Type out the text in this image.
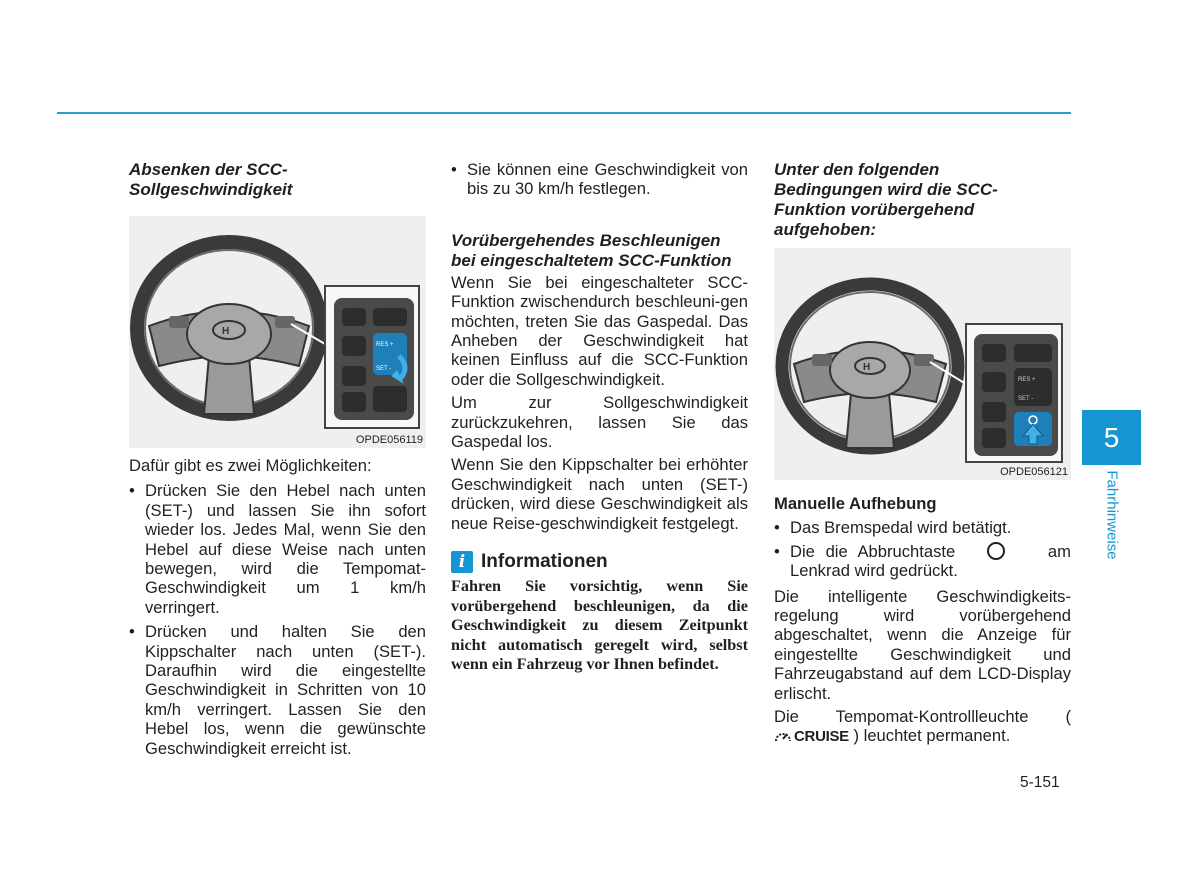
Absenken der SCC-Sollgeschwindigkeit

H
RES +
SET -
OPDE056119

Dafür gibt es zwei Möglichkeiten:

• Drücken Sie den Hebel nach unten (SET-) und lassen Sie ihn sofort wieder los. Jedes Mal, wenn Sie den Hebel auf diese Weise nach unten bewegen, wird die Tempomat-Geschwindigkeit um 1 km/h verringert.
• Drücken und halten Sie den Kippschalter nach unten (SET-). Daraufhin wird die eingestellte Geschwindigkeit in Schritten von 10 km/h verringert. Lassen Sie den Hebel los, wenn die gewünschte Geschwindigkeit erreicht ist.
• Sie können eine Geschwindigkeit von bis zu 30 km/h festlegen.

Vorübergehendes Beschleunigen bei eingeschaltetem SCC-Funktion

Wenn Sie bei eingeschalteter SCC-Funktion zwischendurch beschleuni-gen möchten, treten Sie das Gaspedal. Das Anheben der Geschwindigkeit hat keinen Einfluss auf die SCC-Funktion oder die Sollgeschwindigkeit.

Um zur Sollgeschwindigkeit zurückzukehren, lassen Sie das Gaspedal los.

Wenn Sie den Kippschalter bei erhöhter Geschwindigkeit nach unten (SET-) drücken, wird diese Geschwindigkeit als neue Reise-geschwindigkeit festgelegt.

i Informationen

Fahren Sie vorsichtig, wenn Sie vorübergehend beschleunigen, da die Geschwindigkeit zu diesem Zeitpunkt nicht automatisch geregelt wird, selbst wenn ein Fahrzeug vor Ihnen befindet.

Unter den folgenden Bedingungen wird die SCC-Funktion vorübergehend aufgehoben:

H
RES +
SET -
OPDE056121

Manuelle Aufhebung

• Das Bremspedal wird betätigt.
• Die die Abbruchtaste	am Lenkrad wird gedrückt.

Die intelligente Geschwindigkeits-regelung wird vorübergehend abgeschaltet, wenn die Anzeige für eingestellte Geschwindigkeit und Fahrzeugabstand auf dem LCD-Display erlischt.

Die Tempomat-Kontrollleuchte (
CRUISE ) leuchtet permanent.

5
Fahrhinweise
5-151
